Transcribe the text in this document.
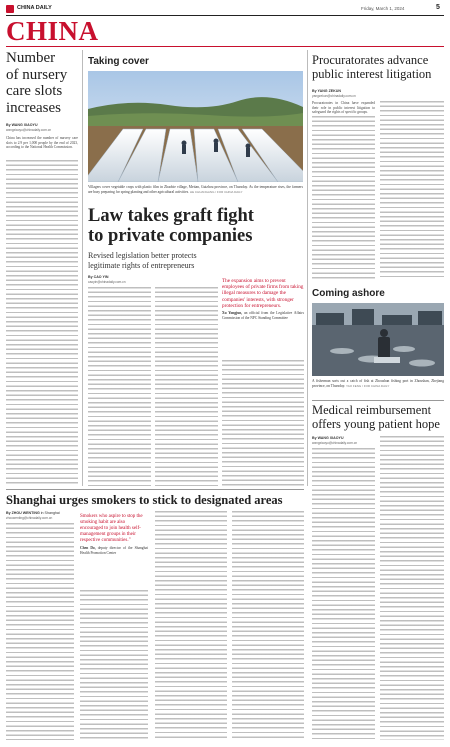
CHINA DAILY	Friday, March 1, 2024	5
CHINA
Number
of nursery
care slots
increases
By WANG XIAOYU
wangxiaoyu@chinadaily.com.cn
China has increased the number of nursery care slots to 2.9 per 1,000 people by the end of 2023, according to the National Health Commission.
Taking cover
Villagers cover vegetable crops with plastic film in Zhaobie village, Meitan, Guizhou province, on Thursday. As the temperature rises, the farmers are busy preparing for spring planting and other agricultural activities. HE CHUANGANG / FOR CHINA DAILY
Procuratorates advance
public interest litigation
By YANG ZEKUN
yangzekun@chinadaily.com.cn
Procuratorates in China have expanded their role in public interest litigation to safeguard the rights of specific groups.
Coming ashore
A fisherman sorts out a catch of fish at Zhoushan fishing port in Zhoushan, Zhejiang province, on Thursday. YAO FENG / FOR CHINA DAILY
Medical reimbursement
offers young patient hope
By WANG XIAOYU
wangxiaoyu@chinadaily.com.cn
Law takes graft fight
to private companies
Revised legislation better protects
legitimate rights of entrepreneurs
By CAO YIN
caoyin@chinadaily.com.cn	The expansion aims to prevent employees of private firms from taking illegal measures to damage the companies' interests, with stronger protection for entrepreneurs.
Xu Yongjun, an official from the Legislative Affairs Commission of the NPC Standing Committee
Shanghai urges smokers to stick to designated areas
By ZHOU WENTING in Shanghai
zhouwenting@chinadaily.com.cn	Smokers who aspire to stop the smoking habit are also encouraged to join health self-management groups in their respective communities."
Chen Do, deputy director of the Shanghai Health Promotion Center
